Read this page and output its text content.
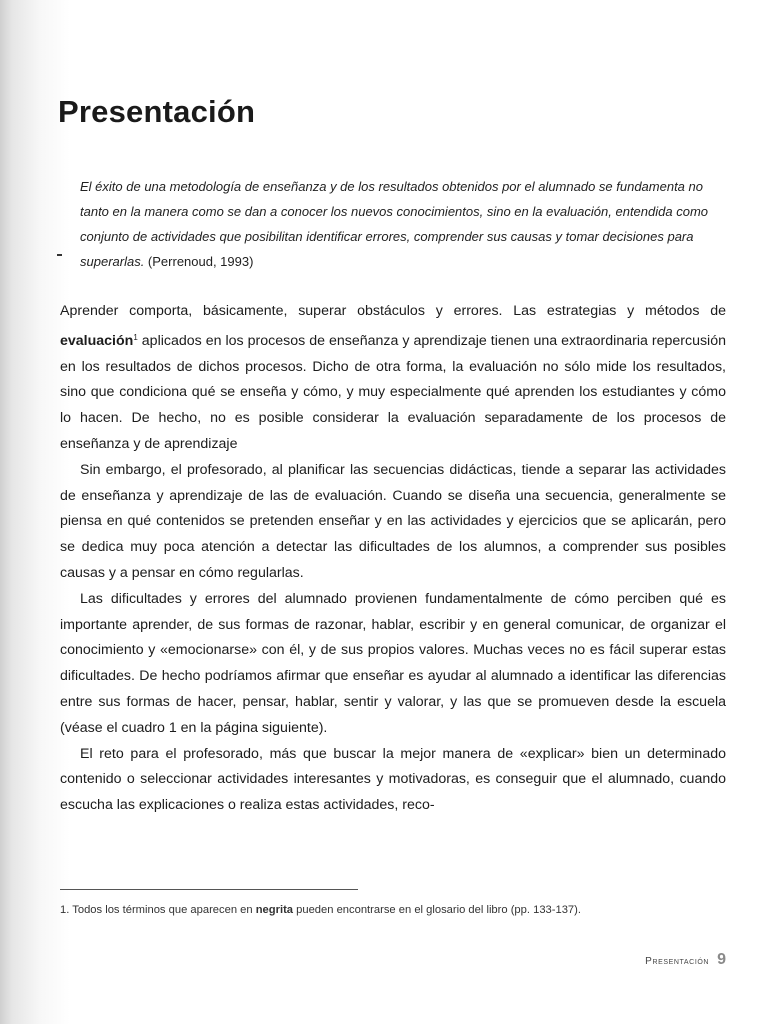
Presentación
El éxito de una metodología de enseñanza y de los resultados obtenidos por el alumnado se fundamenta no tanto en la manera como se dan a conocer los nuevos conocimientos, sino en la evaluación, entendida como conjunto de actividades que posibilitan identificar errores, comprender sus causas y tomar decisiones para superarlas. (Perrenoud, 1993)

Aprender comporta, básicamente, superar obstáculos y errores. Las estrategias y métodos de evaluación$^1$ aplicados en los procesos de enseñanza y aprendizaje tienen una extraordinaria repercusión en los resultados de dichos procesos. Dicho de otra forma, la evaluación no sólo mide los resultados, sino que condiciona qué se enseña y cómo, y muy especialmente qué aprenden los estudiantes y cómo lo hacen. De hecho, no es posible considerar la evaluación separadamente de los procesos de enseñanza y de aprendizaje

Sin embargo, el profesorado, al planificar las secuencias didácticas, tiende a separar las actividades de enseñanza y aprendizaje de las de evaluación. Cuando se diseña una secuencia, generalmente se piensa en qué contenidos se pretenden enseñar y en las actividades y ejercicios que se aplicarán, pero se dedica muy poca atención a detectar las dificultades de los alumnos, a comprender sus posibles causas y a pensar en cómo regularlas.

Las dificultades y errores del alumnado provienen fundamentalmente de cómo perciben qué es importante aprender, de sus formas de razonar, hablar, escribir y en general comunicar, de organizar el conocimiento y «emocionarse» con él, y de sus propios valores. Muchas veces no es fácil superar estas dificultades. De hecho podríamos afirmar que enseñar es ayudar al alumnado a identificar las diferencias entre sus formas de hacer, pensar, hablar, sentir y valorar, y las que se promueven desde la escuela (véase el cuadro 1 en la página siguiente).

El reto para el profesorado, más que buscar la mejor manera de «explicar» bien un determinado contenido o seleccionar actividades interesantes y motivadoras, es conseguir que el alumnado, cuando escucha las explicaciones o realiza estas actividades, reco-

1. Todos los términos que aparecen en negrita pueden encontrarse en el glosario del libro (pp. 133-137).
Presentación 9
